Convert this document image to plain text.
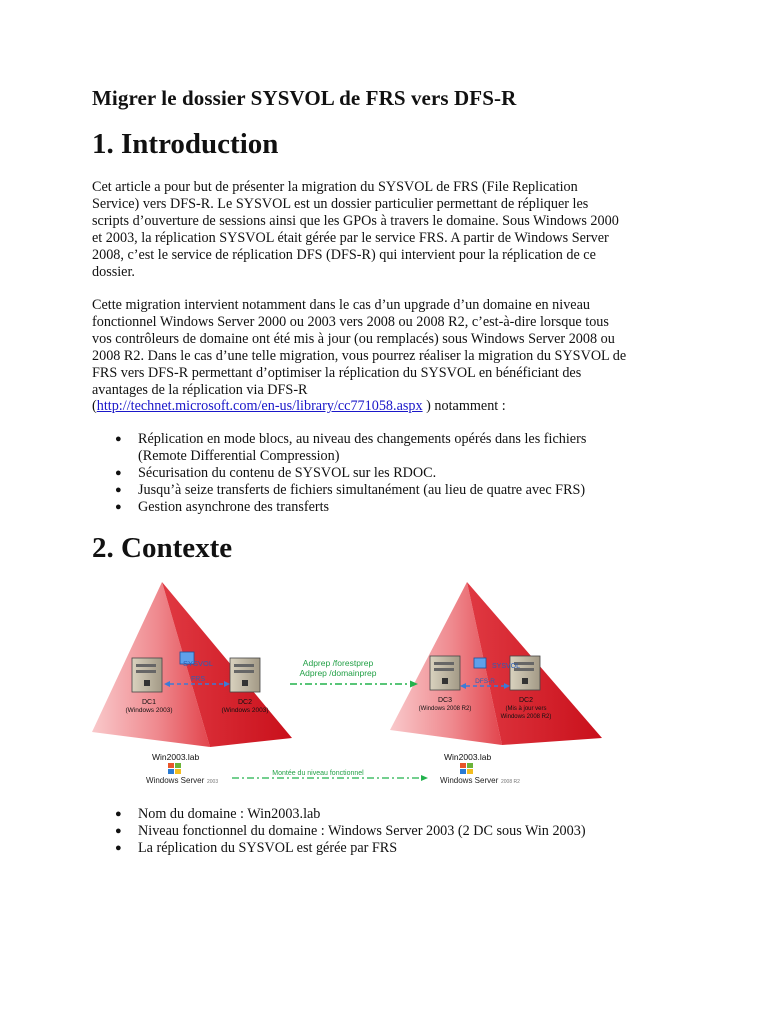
Migrer le dossier SYSVOL de FRS vers DFS-R
1. Introduction

Cet article a pour but de présenter la migration du SYSVOL de FRS (File Replication
Service) vers DFS-R. Le SYSVOL est un dossier particulier permettant de répliquer les
scripts d’ouverture de sessions ainsi que les GPOs à travers le domaine. Sous Windows 2000
et 2003, la réplication SYSVOL était gérée par le service FRS. A partir de Windows Server
2008, c’est le service de réplication DFS (DFS-R) qui intervient pour la réplication de ce
dossier.

Cette migration intervient notamment dans le cas d’un upgrade d’un domaine en niveau
fonctionnel Windows Server 2000 ou 2003 vers 2008 ou 2008 R2, c’est-à-dire lorsque tous
vos contrôleurs de domaine ont été mis à jour (ou remplacés) sous Windows Server 2008 ou
2008 R2. Dans le cas d’une telle migration, vous pourrez réaliser la migration du SYSVOL de
FRS vers DFS-R permettant d’optimiser la réplication du SYSVOL en bénéficiant des
avantages de la réplication via DFS-R
(http://technet.microsoft.com/en-us/library/cc771058.aspx ) notamment :

● Réplication en mode blocs, au niveau des changements opérés dans les fichiers
(Remote Differential Compression)
● Sécurisation du contenu de SYSVOL sur les RDOC.
● Jusqu’à seize transferts de fichiers simultanément (au lieu de quatre avec FRS)
● Gestion asynchrone des transferts
2. Contexte
SYSVOL
FRS
DC1
(Windows 2003)
DC2
(Windows 2003)
SYSVOL
DFS-R
DC3
(Windows 2008 R2)
DC2
(Mis à jour vers
Windows 2008 R2)
Adprep /forestprep
Adprep /domainprep
Win2003.lab	Win2003.lab
Windows Server 2003	Windows Server 2008 R2
Montée du niveau fonctionnel
● Nom du domaine : Win2003.lab
● Niveau fonctionnel du domaine : Windows Server 2003 (2 DC sous Win 2003)
● La réplication du SYSVOL est gérée par FRS
